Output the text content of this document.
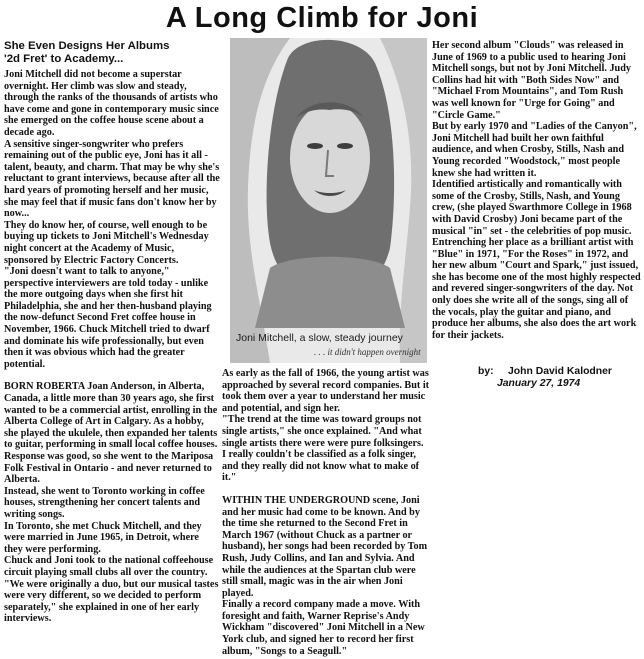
A Long Climb for Joni

She Even Designs Her Albums
'2d Fret' to Academy...

Joni Mitchell did not become a superstar overnight. Her climb was slow and steady, through the ranks of the thousands of artists who have come and gone in contemporary music since she emerged on the coffee house scene about a decade ago.

A sensitive singer-songwriter who prefers remaining out of the public eye, Joni has it all - talent, beauty, and charm. That may be why she's reluctant to grant interviews, because after all the hard years of promoting herself and her music, she may feel that if music fans don't know her by now...

They do know her, of course, well enough to be buying up tickets to Joni Mitchell's Wednesday night concert at the Academy of Music, sponsored by Electric Factory Concerts.

"Joni doesn't want to talk to anyone," perspective interviewers are told today - unlike the more outgoing days when she first hit Philadelphia, she and her then-husband playing the now-defunct Second Fret coffee house in November, 1966. Chuck Mitchell tried to dwarf and dominate his wife professionally, but even then it was obvious which had the greater potential.

BORN ROBERTA Joan Anderson, in Alberta, Canada, a little more than 30 years ago, she first wanted to be a commercial artist, enrolling in the Alberta College of Art in Calgary. As a hobby, she played the ukulele, then expanded her talents to guitar, performing in small local coffee houses. Response was good, so she went to the Mariposa Folk Festival in Ontario - and never returned to Alberta.

Instead, she went to Toronto working in coffee houses, strengthening her concert talents and writing songs.

In Toronto, she met Chuck Mitchell, and they were married in June 1965, in Detroit, where they were performing.

Chuck and Joni took to the national coffeehouse circuit playing small clubs all over the country.

"We were originally a duo, but our musical tastes were very different, so we decided to perform separately," she explained in one of her early interviews.

Joni Mitchell, a slow, steady journey
. . . it didn't happen overnight

As early as the fall of 1966, the young artist was approached by several record companies. But it took them over a year to understand her music and potential, and sign her.

"The trend at the time was toward groups not single artists," she once explained. "And what single artists there were were pure folksingers. I really couldn't be classified as a folk singer, and they really did not know what to make of it."

WITHIN THE UNDERGROUND scene, Joni and her music had come to be known. And by the time she returned to the Second Fret in March 1967 (without Chuck as a partner or husband), her songs had been recorded by Tom Rush, Judy Collins, and Ian and Sylvia. And while the audiences at the Spartan club were still small, magic was in the air when Joni played.

Finally a record company made a move. With foresight and faith, Warner Reprise's Andy Wickham "discovered" Joni Mitchell in a New York club, and signed her to record her first album, "Songs to a Seagull."

Her second album "Clouds" was released in June of 1969 to a public used to hearing Joni Mitchell songs, but not by Joni Mitchell. Judy Collins had hit with "Both Sides Now" and "Michael From Mountains", and Tom Rush was well known for "Urge for Going" and "Circle Game."

But by early 1970 and "Ladies of the Canyon", Joni Mitchell had built her own faithful audience, and when Crosby, Stills, Nash and Young recorded "Woodstock," most people knew she had written it.

Identified artistically and romantically with some of the Crosby, Stills, Nash, and Young crew, (she played Swarthmore College in 1968 with David Crosby) Joni became part of the musical "in" set - the celebrities of pop music. Entrenching her place as a brilliant artist with "Blue" in 1971, "For the Roses" in 1972, and her new album "Court and Spark," just issued, she has become one of the most highly respected and revered singer-songwriters of the day. Not only does she write all of the songs, sing all of the vocals, play the guitar and piano, and produce her albums, she also does the art work for their jackets.

by: John David Kalodner
January 27, 1974
